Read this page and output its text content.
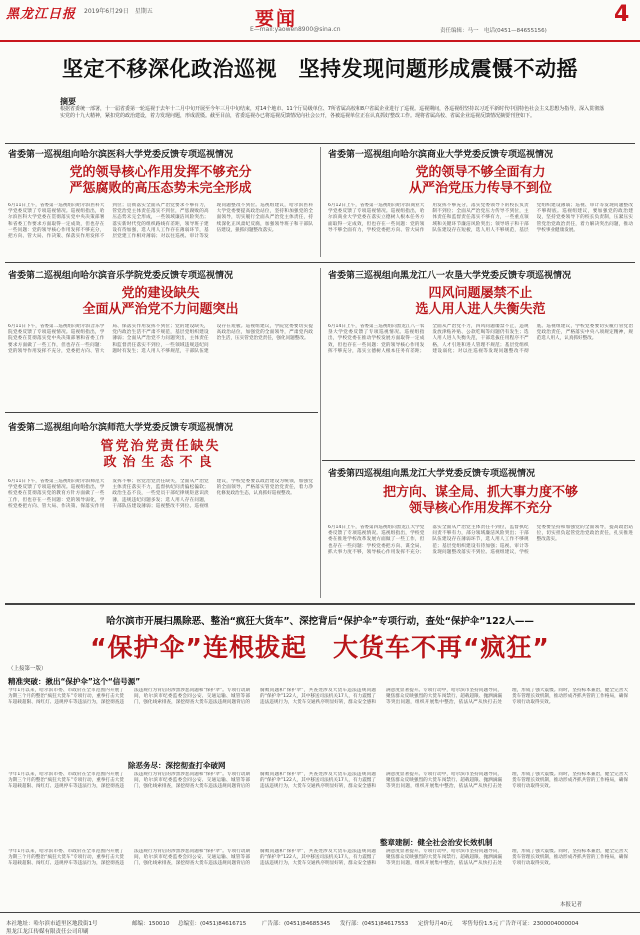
黑龙江日报 2019年6月29日　星期五	要闻
E—mail:yaowen8900@sina.cn	责任编辑：马一　电话(0451—84655156)
4
坚定不移深化政治巡视　坚持发现问题形成震慑不动摇
摘要
根据省委统一部署，十一届省委第一轮巡视于去年十二月中旬开展至今年三月中旬结束，对14个地市、11个厅局级单位、7所省属高校和8户省属企业进行了巡视。巡视期间，各巡视组坚持以习近平新时代中国特色社会主义思想为指导，深入贯彻落实党的十九大精神，紧扣党的政治建设，着力发现问题，形成震慑。截至目前，省委巡视办已将巡视反馈情况向社会公开，各被巡视单位正在认真抓好整改工作。现将省属高校、省属企业巡视反馈情况摘要刊登如下。
省委第一巡视组向哈尔滨医科大学党委反馈专项巡视情况
党的领导核心作用发挥不够充分
严惩腐败的高压态势未完全形成
6月11日上午，省委第一巡视组向哈尔滨医科大学党委反馈了专项巡视情况。巡视组指出，哈尔滨医科大学党委在贯彻落实党中央决策部署和省委工作要求方面取得一定成效，但也存在一些问题：党的领导核心作用发挥不够充分，把方向、管大局、作决策、保落实作用发挥不到位；贯彻落实全面从严治党要求不够有力，管党治党主体责任落实不到位，严惩腐败的高压态势未完全形成，一些领域廉洁风险突出；落实新时代党的组织路线有差距，领导班子建设有待加强，选人用人工作存在薄弱环节，基层党建工作相对薄弱；对以往巡视、审计等发现问题整改不到位。巡视组建议，哈尔滨医科大学党委要提高政治站位，坚持和加强党的全面领导，切实履行全面从严治党主体责任，持续深化正风肃纪反腐，加强领导班子和干部队伍建设，狠抓问题整改落实。
省委第一巡视组向哈尔滨商业大学党委反馈专项巡视情况
党的领导不够全面有力
从严治党压力传导不到位
6月12日上午，省委第一巡视组向哈尔滨商业大学党委反馈了专项巡视情况。巡视组指出，哈尔滨商业大学党委在落实立德树人根本任务方面取得一定成效，但也存在一些问题：党的领导不够全面有力，学校党委把方向、管大局作用发挥不够充分，落实党委领导下的校长负责制不到位；全面从严治党压力传导不到位，主体责任和监督责任落实不够有力，一些重点领域和关键环节廉洁风险突出；领导班子和干部队伍建设存在短板，选人用人不够规范，基层党组织建设薄弱；巡视、审计等发现问题整改不够彻底。巡视组建议，要加强党的政治建设，坚持党委领导下的校长负责制，压紧压实管党治党政治责任，着力解决突出问题，推动学校事业健康发展。
省委第二巡视组向哈尔滨音乐学院党委反馈专项巡视情况
党的建设缺失
全面从严治党不力问题突出
6月11日下午，省委第二巡视组向哈尔滨音乐学院党委反馈了专项巡视情况。巡视组指出，学院党委在贯彻落实党中央决策部署和省委工作要求方面做了一些工作，但也存在一些问题：党的领导作用发挥不充分，党委把方向、管大局、保落实作用发挥不到位；党的建设缺失，党内政治生活不严肃不规范，基层党组织建设薄弱；全面从严治党不力问题突出，主体责任和监督责任落实不到位，一些领域违规违纪问题时有发生；选人用人不够规范，干部队伍建设存在短板。巡视组建议，学院党委要切实提高政治站位，加强党的全面领导，严肃党内政治生活，压实管党治党责任，强化问题整改。
省委第三巡视组向黑龙江八一农垦大学党委反馈专项巡视情况
四风问题屡禁不止
选人用人进人失衡失范
6月14日上午，省委第三巡视组向黑龙江八一农垦大学党委反馈了专项巡视情况。巡视组指出，学校党委在推动学校发展方面取得一定成效，但也存在一些问题：党的领导核心作用发挥不够充分，落实立德树人根本任务有差距；全面从严治党不力，四风问题屡禁不止，违规发放津贴补贴、公款吃喝等问题仍有发生；选人用人进人失衡失范，干部选拔任用程序不严格，人才引进和进人管理不规范；基层党组织建设弱化；对以往巡视等发现问题整改不彻底。巡视组建议，学校党委要切实履行管党治党政治责任，严格落实中央八项规定精神，规范选人用人，认真抓好整改。
省委第二巡视组向哈尔滨师范大学党委反馈专项巡视情况
管党治党责任缺失
政治生态不良
6月11日下午，省委第三巡视组向哈尔滨师范大学党委反馈了专项巡视情况。巡视组指出，学校党委在贯彻落实党的教育方针方面做了一些工作，但也存在一些问题：党的领导弱化，学校党委把方向、管大局、作决策、保落实作用发挥不够；管党治党责任缺失，全面从严治党主体责任落实不力，监督执纪问责偏松偏软；政治生态不良，一些党员干部纪律规矩意识淡薄，违规违纪问题多发；选人用人存在问题，干部队伍建设薄弱；巡视整改不到位。巡视组建议，学校党委要以政治建设为统领，加强党的全面领导，严格落实管党治党责任，着力净化修复政治生态，认真抓好巡视整改。
省委第四巡视组向黑龙江大学党委反馈专项巡视情况
把方向、谋全局、抓大事力度不够
领导核心作用发挥不充分
6月14日上午，省委第四巡视组向黑龙江大学党委反馈了专项巡视情况。巡视组指出，学校党委在推进学校改革发展方面做了一些工作，但也存在一些问题：学校党委把方向、谋全局、抓大事力度不够，领导核心作用发挥不充分；落实全面从严治党主体责任不到位，监督执纪问责不够有力，部分领域廉洁风险突出；干部队伍建设存在薄弱环节，选人用人工作不够规范；基层党组织建设有待加强；巡视、审计等发现问题整改落实不到位。巡视组建议，学校党委要坚持和加强党的全面领导，提高政治站位，切实担负起管党治党政治责任，扎实推进整改落实。
哈尔滨市开展扫黑除恶、整治“疯狂大货车”、深挖背后“保护伞”专项行动，查处“保护伞”122人——
“保护伞”连根拔起　大货车不再“疯狂”
（上接第一版）
精准突破：揪出“保护伞”这个“信号源”
今年1月以来，哈尔滨市委、市政府在全市范围内开展了为期三个月的整治“疯狂大货车”专项行动，重拳打击大货车超载超限、闯红灯、违规停车等违法行为，深挖彻查违法违规行为背后的涉黑涉恶问题和“保护伞”。专项行动期间，哈尔滨市纪委监委会同公安、交通运输、城管等部门，强化线索排查，深挖彻查大货车违法违规问题背后的腐败问题和“保护伞”，共查处涉及大货车违法违规问题的“保护伞”122人，其中移送司法机关17人，有力震慑了违法违规行为，大货车交通秩序明显好转，群众安全感和满意度显著提升。专项行动中，哈尔滨市坚持问题导向，聚焦群众反映强烈的大货车闯禁行、超载超限、抛洒滴漏等突出问题，组织开展集中整治，依法从严从快打击处理，形成了强大震慑。同时，坚持标本兼治，健全完善大货车管理长效机制，推动形成齐抓共管的工作格局，确保专项行动取得实效。
除恶务尽：深挖彻查打伞破网
今年1月以来，哈尔滨市委、市政府在全市范围内开展了为期三个月的整治“疯狂大货车”专项行动，重拳打击大货车超载超限、闯红灯、违规停车等违法行为，深挖彻查违法违规行为背后的涉黑涉恶问题和“保护伞”。专项行动期间，哈尔滨市纪委监委会同公安、交通运输、城管等部门，强化线索排查，深挖彻查大货车违法违规问题背后的腐败问题和“保护伞”，共查处涉及大货车违法违规问题的“保护伞”122人，其中移送司法机关17人，有力震慑了违法违规行为，大货车交通秩序明显好转，群众安全感和满意度显著提升。专项行动中，哈尔滨市坚持问题导向，聚焦群众反映强烈的大货车闯禁行、超载超限、抛洒滴漏等突出问题，组织开展集中整治，依法从严从快打击处理，形成了强大震慑。同时，坚持标本兼治，健全完善大货车管理长效机制，推动形成齐抓共管的工作格局，确保专项行动取得实效。
整章建制：健全社会治安长效机制
今年1月以来，哈尔滨市委、市政府在全市范围内开展了为期三个月的整治“疯狂大货车”专项行动，重拳打击大货车超载超限、闯红灯、违规停车等违法行为，深挖彻查违法违规行为背后的涉黑涉恶问题和“保护伞”。专项行动期间，哈尔滨市纪委监委会同公安、交通运输、城管等部门，强化线索排查，深挖彻查大货车违法违规问题背后的腐败问题和“保护伞”，共查处涉及大货车违法违规问题的“保护伞”122人，其中移送司法机关17人，有力震慑了违法违规行为，大货车交通秩序明显好转，群众安全感和满意度显著提升。专项行动中，哈尔滨市坚持问题导向，聚焦群众反映强烈的大货车闯禁行、超载超限、抛洒滴漏等突出问题，组织开展集中整治，依法从严从快打击处理，形成了强大震慑。同时，坚持标本兼治，健全完善大货车管理长效机制，推动形成齐抓共管的工作格局，确保专项行动取得实效。
本报记者
本社地址：哈尔滨市道里区地段街1号	邮编：150010 总编室：(0451)84616715	广告部：(0451)84685345 发行部：(0451)84617553 定价每月40元 零售每份1.5元 广告许可证：2300004000004
黑龙江龙江传媒有限责任公司印刷
